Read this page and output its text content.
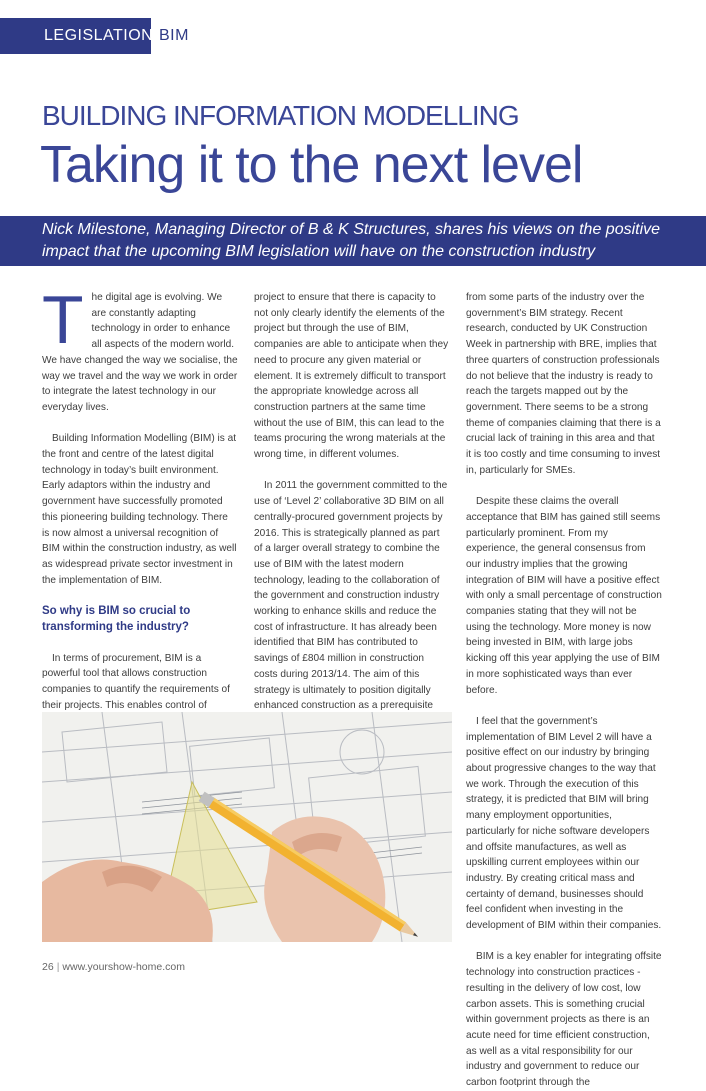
LEGISLATION BIM
BUILDING INFORMATION MODELLING
Taking it to the next level
Nick Milestone, Managing Director of B & K Structures, shares his views on the positive impact that the upcoming BIM legislation will have on the construction industry

T he digital age is evolving. We are constantly adapting technology in order to enhance all aspects of the modern world. We have changed the way we socialise, the way we travel and the way we work in order to integrate the latest technology in our everyday lives.

Building Information Modelling (BIM) is at the front and centre of the latest digital technology in today’s built environment. Early adaptors within the industry and government have successfully promoted this pioneering building technology. There is now almost a universal recognition of BIM within the construction industry, as well as widespread private sector investment in the implementation of BIM.

So why is BIM so crucial to transforming the industry?

In terms of procurement, BIM is a powerful tool that allows construction companies to quantify the requirements of their projects. This enables control of

project to ensure that there is capacity to not only clearly identify the elements of the project but through the use of BIM, companies are able to anticipate when they need to procure any given material or element. It is extremely difficult to transport the appropriate knowledge across all construction partners at the same time without the use of BIM, this can lead to the teams procuring the wrong materials at the wrong time, in different volumes.

In 2011 the government committed to the use of ‘Level 2’ collaborative 3D BIM on all centrally-procured government projects by 2016. This is strategically planned as part of a larger overall strategy to combine the use of BIM with the latest modern technology, leading to the collaboration of the government and construction industry working to enhance skills and reduce the cost of infrastructure. It has already been identified that BIM has contributed to savings of £804 million in construction costs during 2013/14. The aim of this strategy is ultimately to position digitally enhanced construction as a prerequisite

from some parts of the industry over the government’s BIM strategy. Recent research, conducted by UK Construction Week in partnership with BRE, implies that three quarters of construction professionals do not believe that the industry is ready to reach the targets mapped out by the government. There seems to be a strong theme of companies claiming that there is a crucial lack of training in this area and that it is too costly and time consuming to invest in, particularly for SMEs.

Despite these claims the overall acceptance that BIM has gained still seems particularly prominent. From my experience, the general consensus from our industry implies that the growing integration of BIM will have a positive effect with only a small percentage of construction companies stating that they will not be using the technology. More money is now being invested in BIM, with large jobs kicking off this year applying the use of BIM in more sophisticated ways than ever before.

I feel that the government’s implementation of BIM Level 2 will have a positive effect on our industry by bringing about progressive changes to the way that we work. Through the execution of this strategy, it is predicted that BIM will bring many employment opportunities, particularly for niche software developers and offsite manufactures, as well as upskilling current employees within our industry. By creating critical mass and certainty of demand, businesses should feel confident when investing in the development of BIM within their companies.

BIM is a key enabler for integrating offsite technology into construction practices - resulting in the delivery of low cost, low carbon assets. This is something crucial within government projects as there is an acute need for time efficient construction, as well as a vital responsibility for our industry and government to reduce our carbon footprint through the

26 | www.yourshow-home.com
